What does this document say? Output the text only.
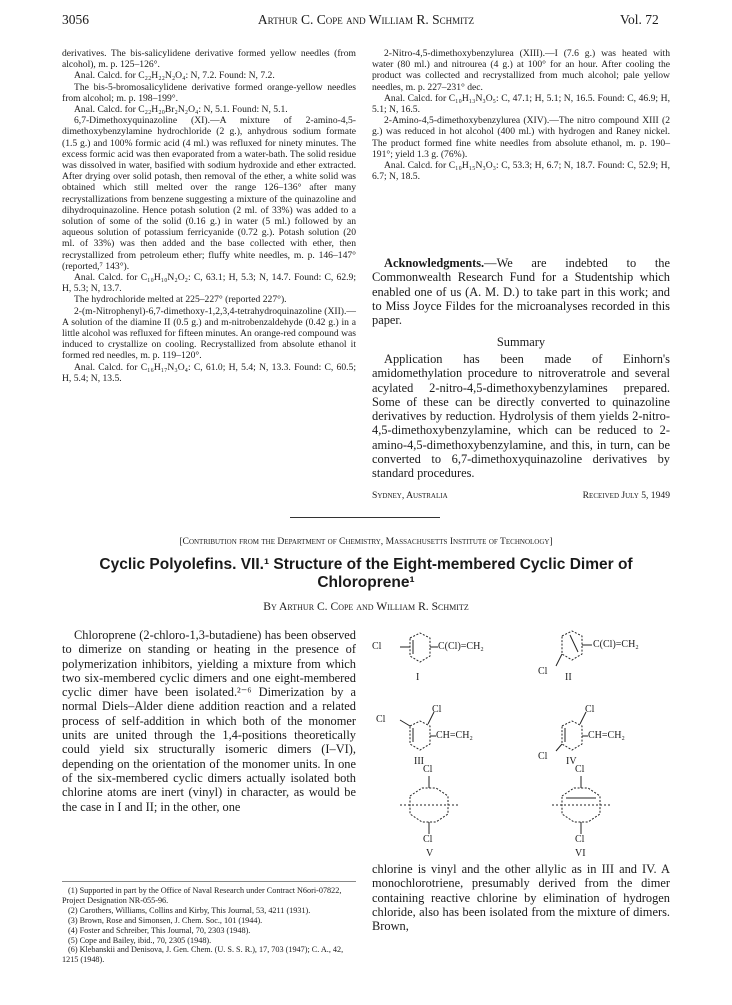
3056	Arthur C. Cope and William R. Schmitz	Vol. 72

derivatives. The bis-salicylidene derivative formed yellow needles (from alcohol), m. p. 125–126°.

Anal. Calcd. for C₂₂H₂₂N₂O₄: N, 7.2. Found: N, 7.2.

The bis-5-bromosalicylidene derivative formed orange-yellow needles from alcohol; m. p. 198–199°.

Anal. Calcd. for C₂₂H₂₀Br₂N₂O₄: N, 5.1. Found: N, 5.1.

6,7-Dimethoxyquinazoline (XI).—A mixture of 2-amino-4,5-dimethoxybenzylamine hydrochloride (2 g.), anhydrous sodium formate (1.5 g.) and 100% formic acid (4 ml.) was refluxed for ninety minutes. The excess formic acid was then evaporated from a water-bath. The solid residue was dissolved in water, basified with sodium hydroxide and ether extracted. After drying over solid potash, then removal of the ether, a white solid was obtained which still melted over the range 126–136° after many recrystallizations from benzene suggesting a mixture of the quinazoline and dihydroquinazoline. Hence potash solution (2 ml. of 33%) was added to a solution of some of the solid (0.16 g.) in water (5 ml.) followed by an aqueous solution of potassium ferricyanide (0.72 g.). Potash solution (20 ml. of 33%) was then added and the base collected with ether, then recrystallized from petroleum ether; fluffy white needles, m. p. 146–147° (reported,⁷ 143°).

Anal. Calcd. for C₁₀H₁₀N₂O₂: C, 63.1; H, 5.3; N, 14.7. Found: C, 62.9; H, 5.3; N, 13.7.

The hydrochloride melted at 225–227° (reported 227°).

2-(m-Nitrophenyl)-6,7-dimethoxy-1,2,3,4-tetrahydroquinazoline (XII).—A solution of the diamine II (0.5 g.) and m-nitrobenzaldehyde (0.42 g.) in a little alcohol was refluxed for fifteen minutes. An orange-red compound was induced to crystallize on cooling. Recrystallized from absolute ethanol it formed red needles, m. p. 119–120°.

Anal. Calcd. for C₁₆H₁₇N₃O₄: C, 61.0; H, 5.4; N, 13.3. Found: C, 60.5; H, 5.4; N, 13.5.

2-Nitro-4,5-dimethoxybenzylurea (XIII).—I (7.6 g.) was heated with water (80 ml.) and nitrourea (4 g.) at 100° for an hour. After cooling the product was collected and recrystallized from much alcohol; pale yellow needles, m. p. 227–231° dec.

Anal. Calcd. for C₁₀H₁₃N₃O₅: C, 47.1; H, 5.1; N, 16.5. Found: C, 46.9; H, 5.1; N, 16.5.

2-Amino-4,5-dimethoxybenzylurea (XIV).—The nitro compound XIII (2 g.) was reduced in hot alcohol (400 ml.) with hydrogen and Raney nickel. The product formed fine white needles from absolute ethanol, m. p. 190–191°; yield 1.3 g. (76%).

Anal. Calcd. for C₁₀H₁₅N₃O₃: C, 53.3; H, 6.7; N, 18.7. Found: C, 52.9; H, 6.7; N, 18.5.

Acknowledgments.—We are indebted to the Commonwealth Research Fund for a Studentship which enabled one of us (A. M. D.) to take part in this work; and to Miss Joyce Fildes for the microanalyses recorded in this paper.
Summary
Application has been made of Einhorn's amidomethylation procedure to nitroveratrole and several acylated 2-nitro-4,5-dimethoxybenzylamines prepared. Some of these can be directly converted to quinazoline derivatives by reduction. Hydrolysis of them yields 2-nitro-4,5-dimethoxybenzylamine, which can be reduced to 2-amino-4,5-dimethoxybenzylamine, and this, in turn, can be converted to 6,7-dimethoxyquinazoline derivatives by standard procedures.
Sydney, Australia	Received July 5, 1949
[Contribution from the Department of Chemistry, Massachusetts Institute of Technology]
Cyclic Polyolefins. VII.¹ Structure of the Eight-membered Cyclic Dimer of
Chloroprene¹
By Arthur C. Cope and William R. Schmitz
Chloroprene (2-chloro-1,3-butadiene) has been observed to dimerize on standing or heating in the presence of polymerization inhibitors, yielding a mixture from which two six-membered cyclic dimers and one eight-membered cyclic dimer have been isolated.²⁻⁶ Dimerization by a normal Diels–Alder diene addition reaction and a related process of self-addition in which both of the monomer units are united through the 1,4-positions theoretically could yield six structurally isomeric dimers (I–VI), depending on the orientation of the monomer units. In one of the six-membered cyclic dimers actually isolated both chlorine atoms are inert (vinyl) in character, as would be the case in I and II; in the other, one
(1) Supported in part by the Office of Naval Research under Contract N6ori-07822, Project Designation NR-055-96.
(2) Carothers, Williams, Collins and Kirby, This Journal, 53, 4211 (1931).
(3) Brown, Rose and Simonsen, J. Chem. Soc., 101 (1944).
(4) Foster and Schreiber, This Journal, 70, 2303 (1948).
(5) Cope and Bailey, ibid., 70, 2305 (1948).
(6) Klebanskii and Denisova, J. Gen. Chem. (U. S. S. R.), 17, 703 (1947); C. A., 42, 1215 (1948).
Cl	C(Cl)=CH₂	C(Cl)=CH₂
Cl
Cl
Cl
CH=CH₂
Cl
CH=CH₂
Cl
Cl	Cl
Cl	Cl
I	II
III	IV
V	VI
chlorine is vinyl and the other allylic as in III and IV. A monochlorotriene, presumably derived from the dimer containing reactive chlorine by elimination of hydrogen chloride, also has been isolated from the mixture of dimers. Brown,
